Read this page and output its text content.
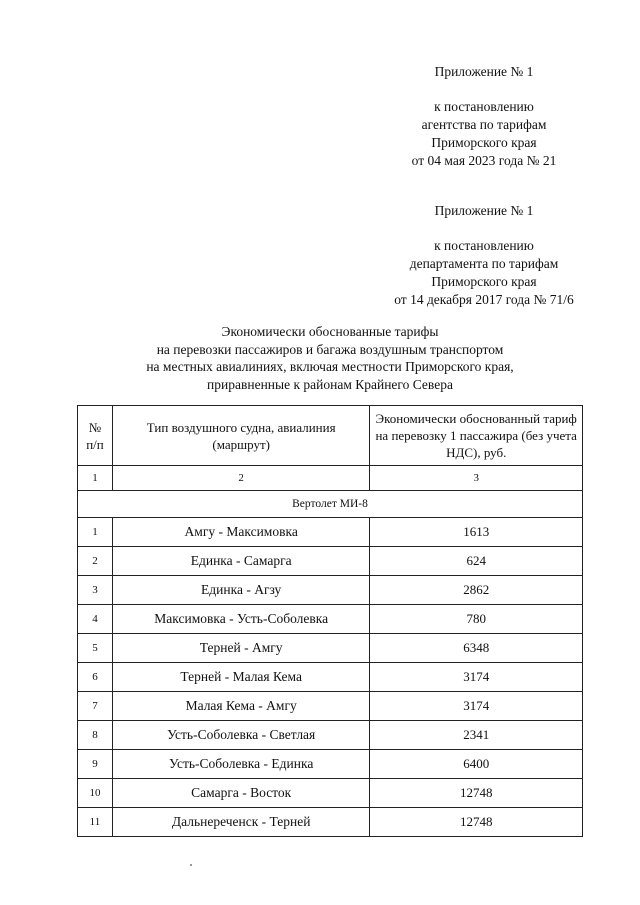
Приложение № 1
к постановлению
агентства по тарифам
Приморского края
от 04 мая 2023 года № 21
Приложение № 1
к постановлению
департамента по тарифам
Приморского края
от 14 декабря 2017 года № 71/6
Экономически обоснованные тарифы
на перевозки пассажиров и багажа воздушным транспортом
на местных авиалиниях, включая местности Приморского края,
приравненные к районам Крайнего Севера
№ п/п	Тип воздушного судна, авиалиния (маршрут)	Экономически обоснованный тариф на перевозку 1 пассажира (без учета НДС), руб.
1	2	3
Вертолет МИ-8		
1	Амгу - Максимовка	1613
2	Единка - Самарга	624
3	Единка - Агзу	2862
4	Максимовка - Усть-Соболевка	780
5	Терней - Амгу	6348
6	Терней - Малая Кема	3174
7	Малая Кема - Амгу	3174
8	Усть-Соболевка - Светлая	2341
9	Усть-Соболевка - Единка	6400
10	Самарга - Восток	12748
11	Дальнереченск - Терней	12748
